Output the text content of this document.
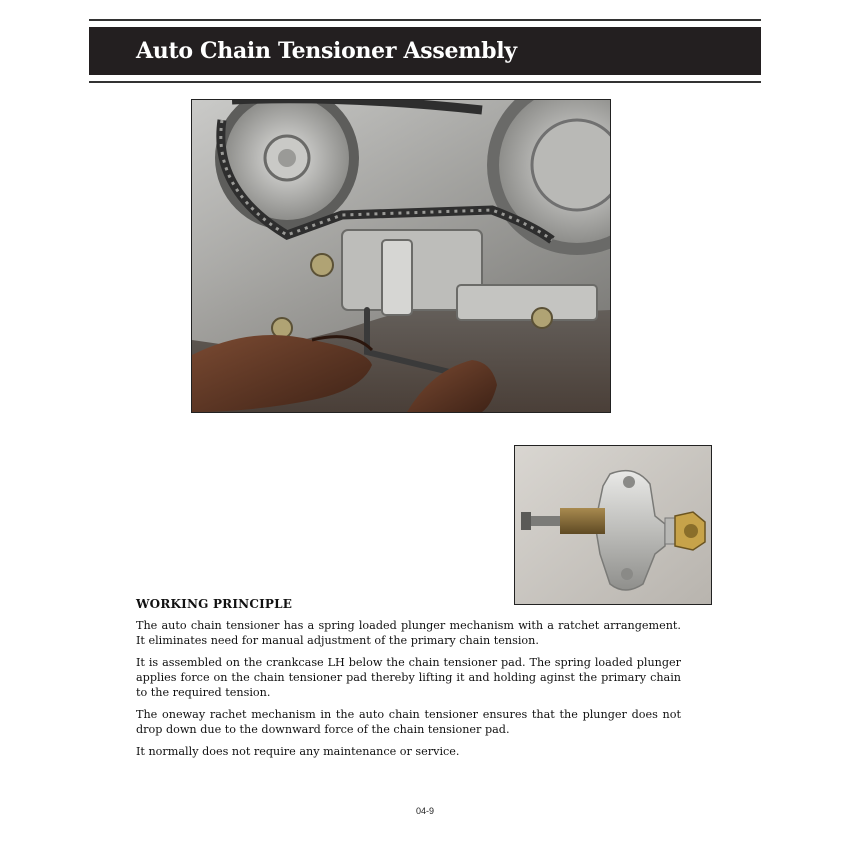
Auto Chain Tensioner Assembly
WORKING PRINCIPLE

The auto chain tensioner has a spring loaded plunger mechanism with a ratchet arrangement. It eliminates need for manual adjustment of the primary chain tension.

It is assembled on the crankcase LH below the chain tensioner pad. The spring loaded plunger applies force on the chain tensioner pad thereby lifting it and holding aginst the primary chain to the required tension.

The oneway rachet mechanism in the auto chain tensioner ensures that the plunger does not drop down due to the downward force of the chain tensioner pad.

It normally does not require any maintenance or service.

04-9
